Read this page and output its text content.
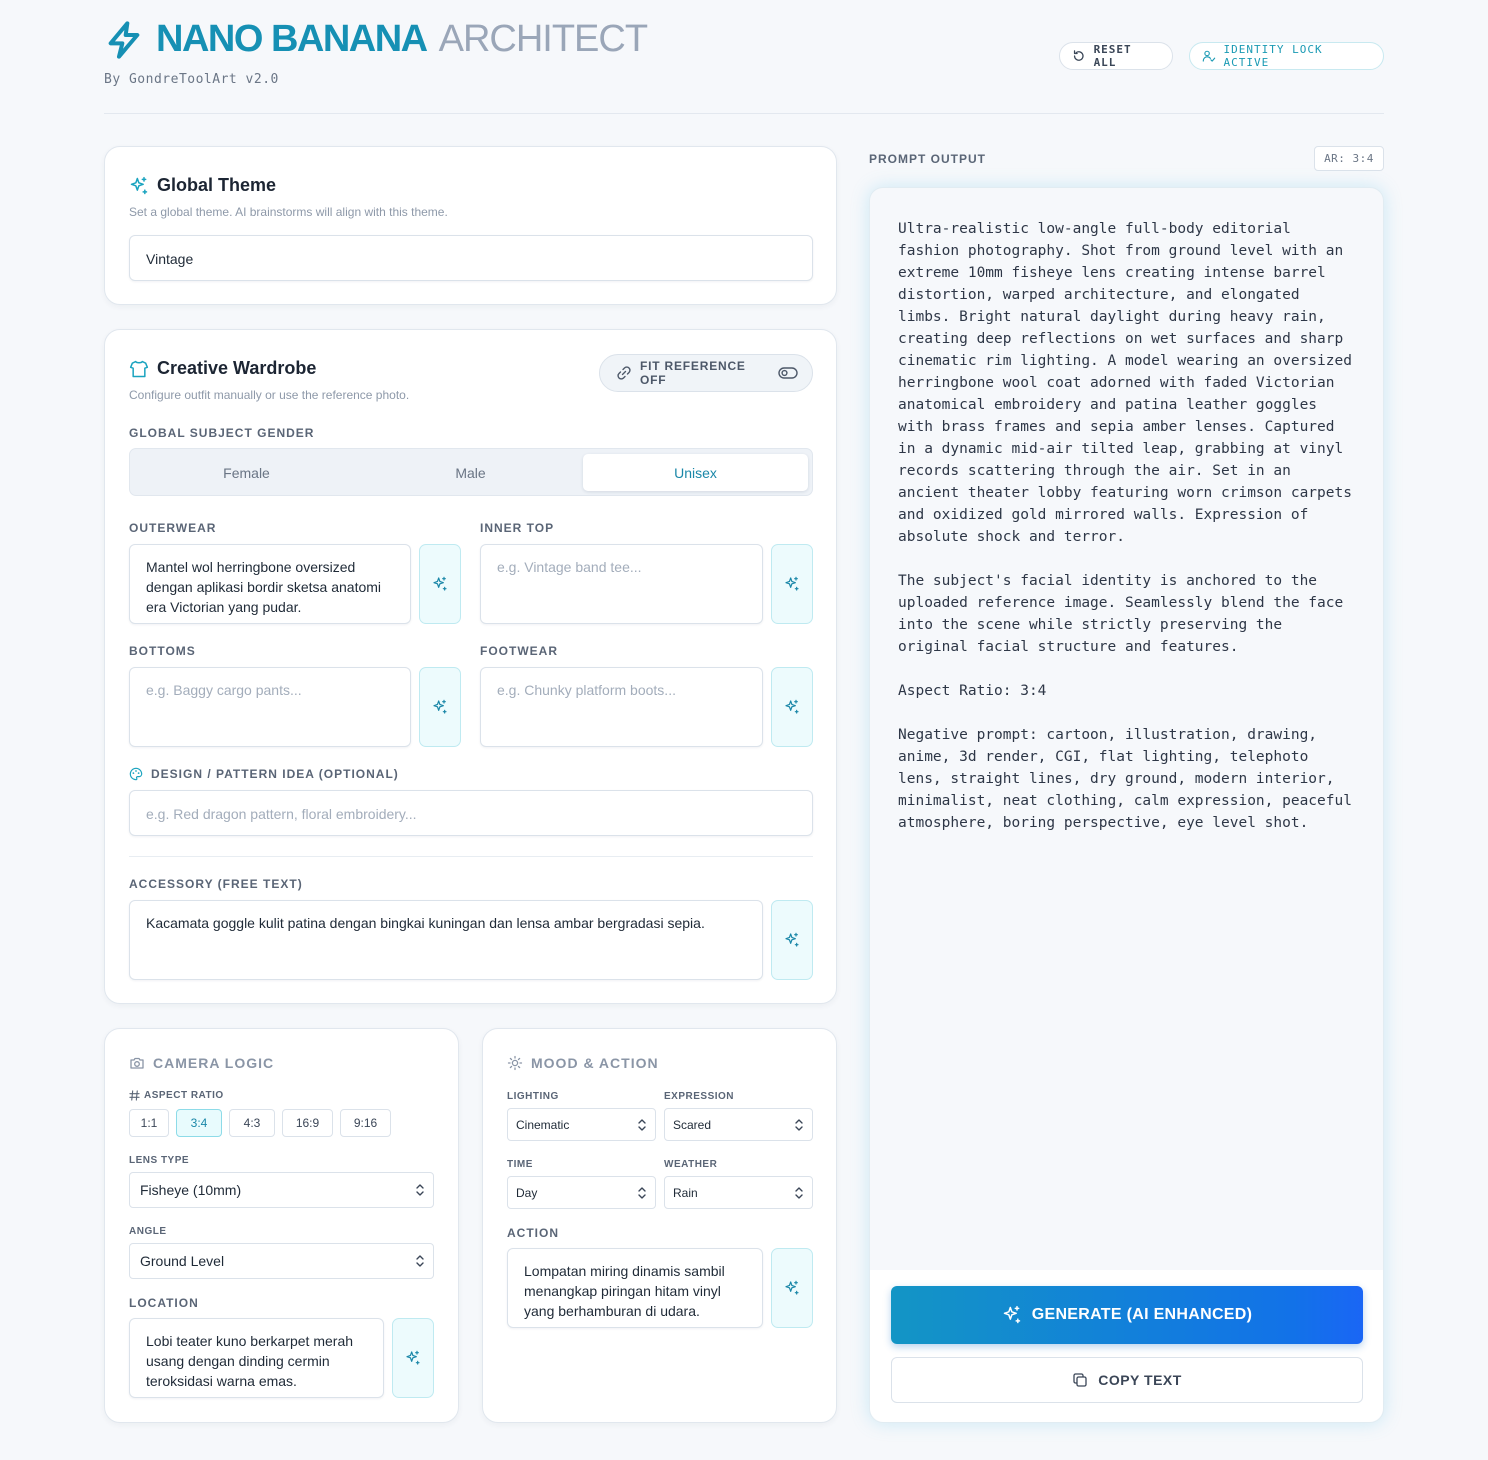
NANO BANANA ARCHITECT
By GondreToolArt v2.0
RESET ALL
IDENTITY LOCK ACTIVE
Global Theme
Set a global theme. AI brainstorms will align with this theme.
Vintage
Creative Wardrobe
Configure outfit manually or use the reference photo.
FIT REFERENCE OFF
GLOBAL SUBJECT GENDER
Female	Male	Unisex
OUTERWEAR
Mantel wol herringbone oversized dengan aplikasi bordir sketsa anatomi era Victorian yang pudar.
INNER TOP
e.g. Vintage band tee...
BOTTOMS
e.g. Baggy cargo pants...
FOOTWEAR
e.g. Chunky platform boots...
DESIGN / PATTERN IDEA (OPTIONAL)
e.g. Red dragon pattern, floral embroidery...
ACCESSORY (FREE TEXT)
Kacamata goggle kulit patina dengan bingkai kuningan dan lensa ambar bergradasi sepia.
CAMERA LOGIC
ASPECT RATIO
1:1	3:4	4:3	16:9	9:16
LENS TYPE
Fisheye (10mm)
ANGLE
Ground Level
LOCATION
Lobi teater kuno berkarpet merah usang dengan dinding cermin teroksidasi warna emas.
MOOD & ACTION
LIGHTING
Cinematic
EXPRESSION
Scared
TIME
Day
WEATHER
Rain
ACTION
Lompatan miring dinamis sambil menangkap piringan hitam vinyl yang berhamburan di udara.
PROMPT OUTPUT	AR: 3:4
Ultra-realistic low-angle full-body editorial
fashion photography. Shot from ground level with an
extreme 10mm fisheye lens creating intense barrel
distortion, warped architecture, and elongated
limbs. Bright natural daylight during heavy rain,
creating deep reflections on wet surfaces and sharp
cinematic rim lighting. A model wearing an oversized
herringbone wool coat adorned with faded Victorian
anatomical embroidery and patina leather goggles
with brass frames and sepia amber lenses. Captured
in a dynamic mid-air tilted leap, grabbing at vinyl
records scattering through the air. Set in an
ancient theater lobby featuring worn crimson carpets
and oxidized gold mirrored walls. Expression of
absolute shock and terror.

The subject's facial identity is anchored to the
uploaded reference image. Seamlessly blend the face
into the scene while strictly preserving the
original facial structure and features.

Aspect Ratio: 3:4

Negative prompt: cartoon, illustration, drawing,
anime, 3d render, CGI, flat lighting, telephoto
lens, straight lines, dry ground, modern interior,
minimalist, neat clothing, calm expression, peaceful
atmosphere, boring perspective, eye level shot.
GENERATE (AI ENHANCED)
COPY TEXT
